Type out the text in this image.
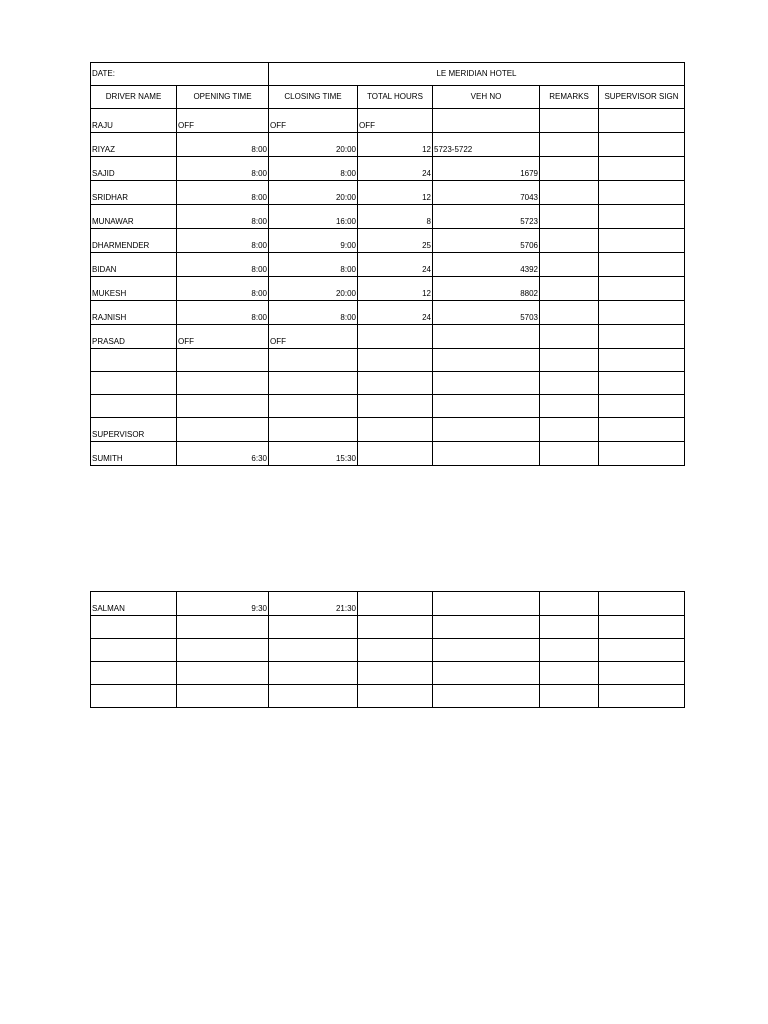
DATE:		LE MERIDIAN HOTEL				
DRIVER NAME	OPENING TIME	CLOSING TIME	TOTAL HOURS	VEH NO	REMARKS	SUPERVISOR SIGN
RAJU	OFF	OFF	OFF			
RIYAZ	8:00	20:00	12	5723-5722		
SAJID	8:00	8:00	24	1679		
SRIDHAR	8:00	20:00	12	7043		
MUNAWAR	8:00	16:00	8	5723		
DHARMENDER	8:00	9:00	25	5706		
BIDAN	8:00	8:00	24	4392		
MUKESH	8:00	20:00	12	8802		
RAJNISH	8:00	8:00	24	5703		
PRASAD	OFF	OFF				

SUPERVISOR						
SUMITH	6:30	15:30				
SALMAN	9:30	21:30				
